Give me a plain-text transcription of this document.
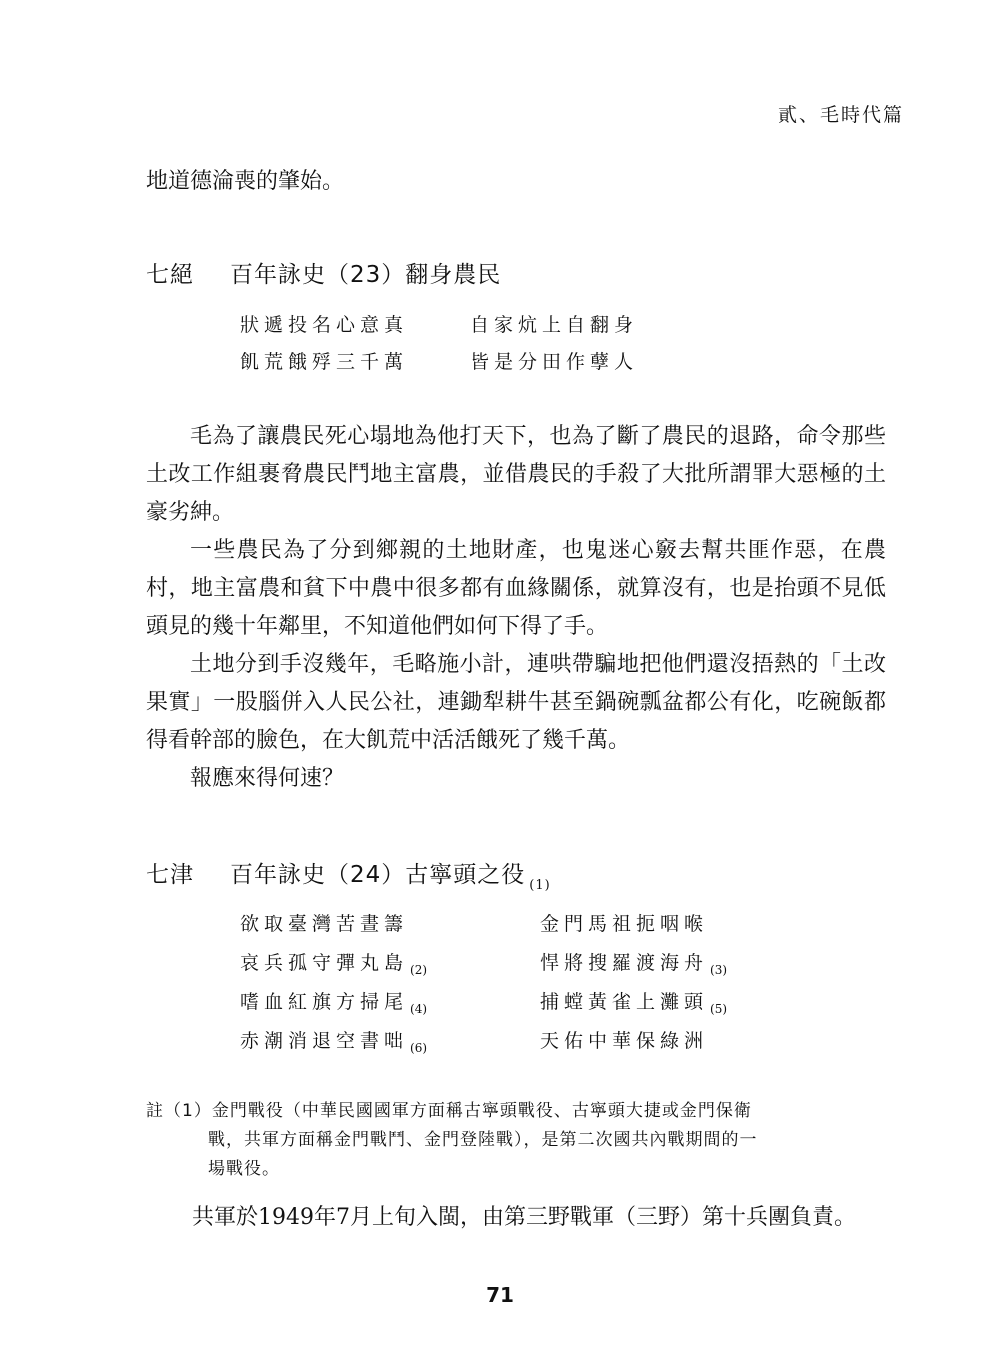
貳、毛時代篇
地道德淪喪的肇始。
七絕 百年詠史（23）翻身農民
狀遞投名心意真	自家炕上自翻身
飢荒餓殍三千萬	皆是分田作孽人

毛為了讓農民死心塌地為他打天下，也為了斷了農民的退路，命令那些土改工作組裹脅農民鬥地主富農，並借農民的手殺了大批所謂罪大惡極的土豪劣紳。

一些農民為了分到鄉親的土地財產，也鬼迷心竅去幫共匪作惡，在農村，地主富農和貧下中農中很多都有血緣關係，就算沒有，也是抬頭不見低頭見的幾十年鄰里，不知道他們如何下得了手。

土地分到手沒幾年，毛略施小計，連哄帶騙地把他們還沒捂熱的「土改果實」一股腦併入人民公社，連鋤犁耕牛甚至鍋碗瓢盆都公有化，吃碗飯都得看幹部的臉色，在大飢荒中活活餓死了幾千萬。

報應來得何速？

七津 百年詠史（24）古寧頭之役 $_{(1)}$
欲取臺灣苦晝籌	金門馬祖扼咽喉
哀兵孤守彈丸島 $_{(2)}$	悍將搜羅渡海舟 $_{(3)}$
嗜血紅旗方掃尾 $_{(4)}$	捕螳黃雀上灘頭 $_{(5)}$
赤潮消退空書咄 $_{(6)}$	天佑中華保綠洲
註（1）金門戰役（中華民國國軍方面稱古寧頭戰役、古寧頭大捷或金門保衛
戰，共軍方面稱金門戰鬥、金門登陸戰），是第二次國共內戰期間的一
場戰役。
共軍於1949年7月上旬入閩，由第三野戰軍（三野）第十兵團負責。
71
